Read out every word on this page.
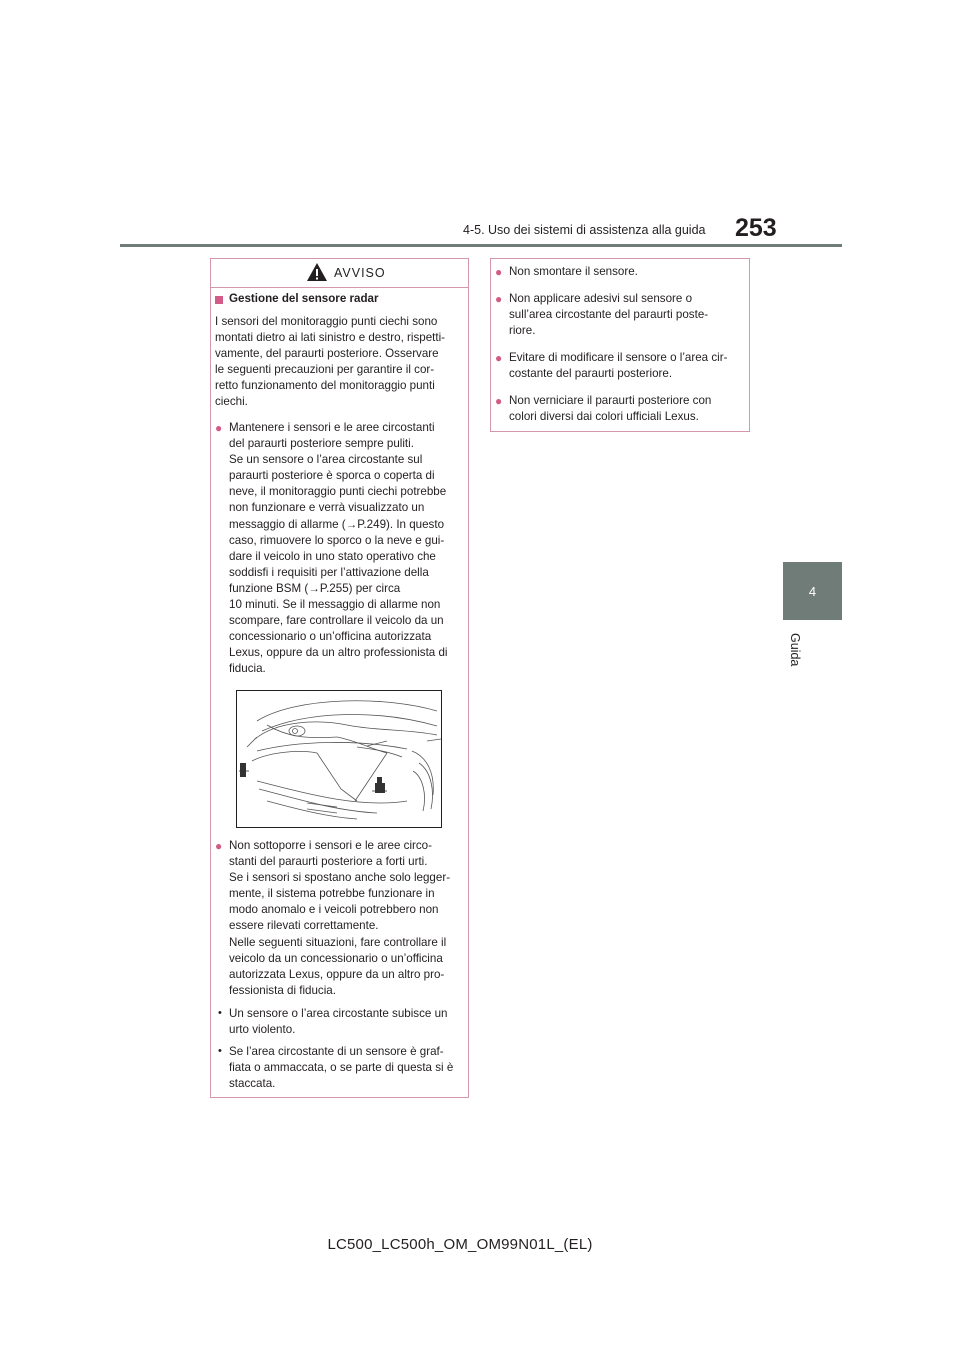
4-5. Uso dei sistemi di assistenza alla guida 253
4
Guida
AVVISO
Gestione del sensore radar
I sensori del monitoraggio punti ciechi sono
montati dietro ai lati sinistro e destro, rispetti-
vamente, del paraurti posteriore. Osservare
le seguenti precauzioni per garantire il cor-
retto funzionamento del monitoraggio punti
ciechi.
● Mantenere i sensori e le aree circostanti
del paraurti posteriore sempre puliti.
Se un sensore o l’area circostante sul
paraurti posteriore è sporca o coperta di
neve, il monitoraggio punti ciechi potrebbe
non funzionare e verrà visualizzato un
messaggio di allarme (→P.249). In questo
caso, rimuovere lo sporco o la neve e gui-
dare il veicolo in uno stato operativo che
soddisfi i requisiti per l’attivazione della
funzione BSM (→P.255) per circa
10 minuti. Se il messaggio di allarme non
scompare, fare controllare il veicolo da un
concessionario o un’officina autorizzata
Lexus, oppure da un altro professionista di
fiducia.
● Non sottoporre i sensori e le aree circo-
stanti del paraurti posteriore a forti urti.
Se i sensori si spostano anche solo legger-
mente, il sistema potrebbe funzionare in
modo anomalo e i veicoli potrebbero non
essere rilevati correttamente.
Nelle seguenti situazioni, fare controllare il
veicolo da un concessionario o un’officina
autorizzata Lexus, oppure da un altro pro-
fessionista di fiducia.
• Un sensore o l’area circostante subisce un
urto violento.
• Se l’area circostante di un sensore è graf-
fiata o ammaccata, o se parte di questa si è
staccata.
● Non smontare il sensore.
● Non applicare adesivi sul sensore o
sull’area circostante del paraurti poste-
riore.
● Evitare di modificare il sensore o l’area cir-
costante del paraurti posteriore.
● Non verniciare il paraurti posteriore con
colori diversi dai colori ufficiali Lexus.
LC500_LC500h_OM_OM99N01L_(EL)
